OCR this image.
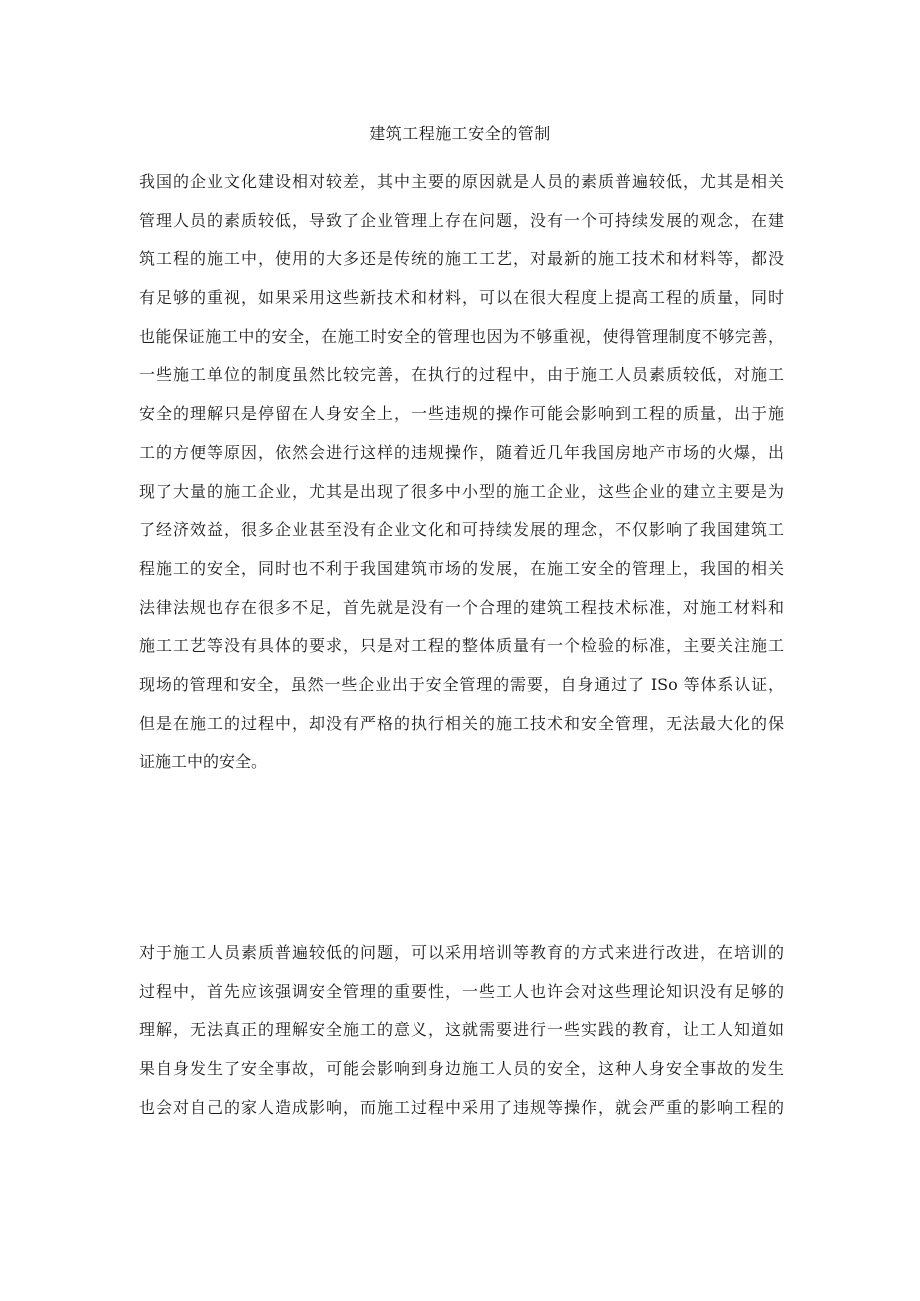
建筑工程施工安全的管制
我国的企业文化建设相对较差，其中主要的原因就是人员的素质普遍较低，尤其是相关
管理人员的素质较低，导致了企业管理上存在问题，没有一个可持续发展的观念，在建
筑工程的施工中，使用的大多还是传统的施工工艺，对最新的施工技术和材料等，都没
有足够的重视，如果采用这些新技术和材料，可以在很大程度上提高工程的质量，同时
也能保证施工中的安全，在施工时安全的管理也因为不够重视，使得管理制度不够完善，
一些施工单位的制度虽然比较完善，在执行的过程中，由于施工人员素质较低，对施工
安全的理解只是停留在人身安全上，一些违规的操作可能会影响到工程的质量，出于施
工的方便等原因，依然会进行这样的违规操作，随着近几年我国房地产市场的火爆，出
现了大量的施工企业，尤其是出现了很多中小型的施工企业，这些企业的建立主要是为
了经济效益，很多企业甚至没有企业文化和可持续发展的理念，不仅影响了我国建筑工
程施工的安全，同时也不利于我国建筑市场的发展，在施工安全的管理上，我国的相关
法律法规也存在很多不足，首先就是没有一个合理的建筑工程技术标准，对施工材料和
施工工艺等没有具体的要求，只是对工程的整体质量有一个检验的标准，主要关注施工
现场的管理和安全，虽然一些企业出于安全管理的需要，自身通过了 ISo 等体系认证，
但是在施工的过程中，却没有严格的执行相关的施工技术和安全管理，无法最大化的保
证施工中的安全。
对于施工人员素质普遍较低的问题，可以采用培训等教育的方式来进行改进，在培训的
过程中，首先应该强调安全管理的重要性，一些工人也许会对这些理论知识没有足够的
理解，无法真正的理解安全施工的意义，这就需要进行一些实践的教育，让工人知道如
果自身发生了安全事故，可能会影响到身边施工人员的安全，这种人身安全事故的发生
也会对自己的家人造成影响，而施工过程中采用了违规等操作，就会严重的影响工程的
